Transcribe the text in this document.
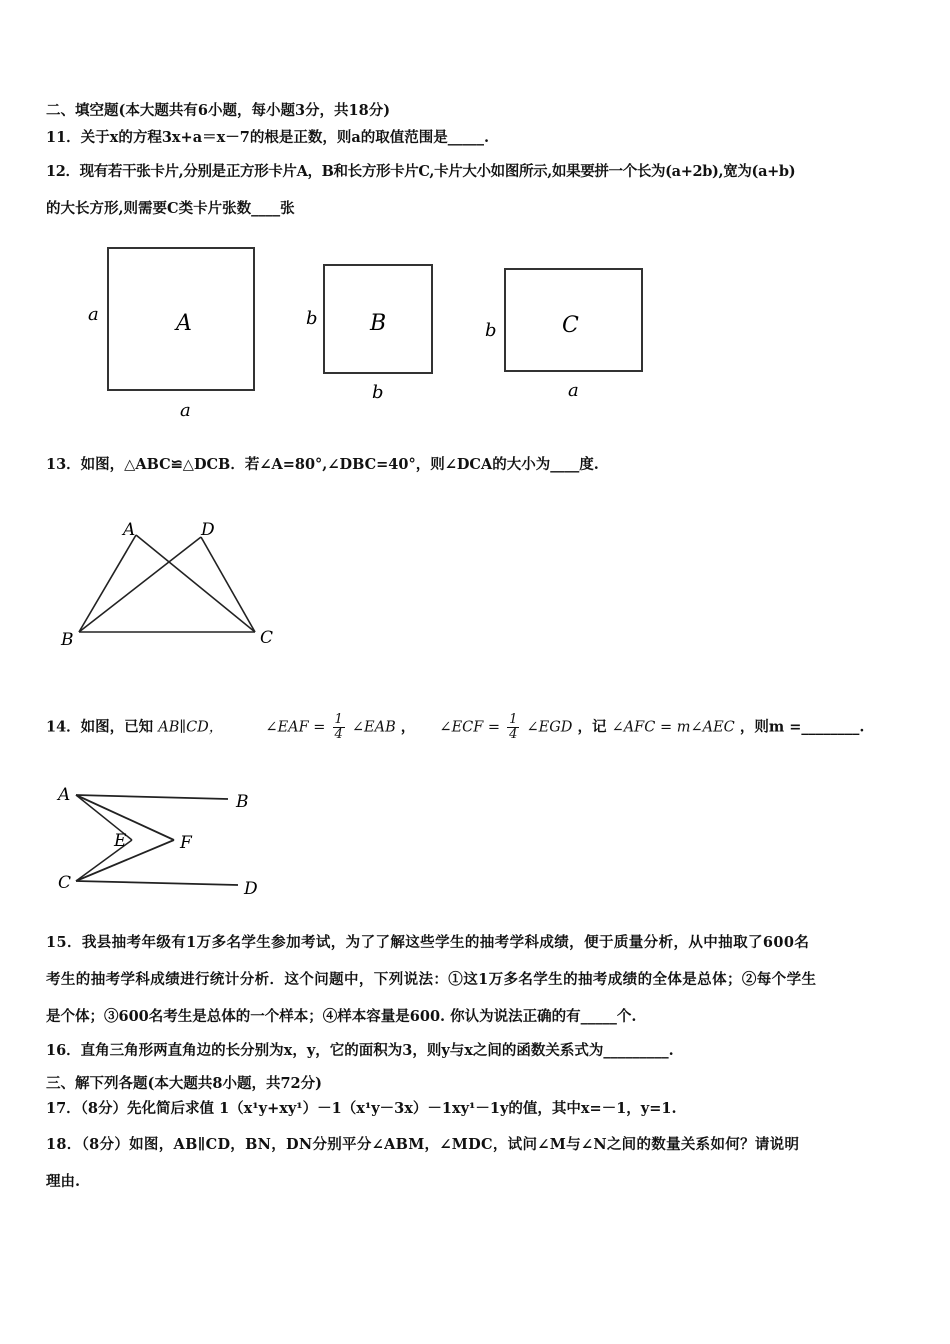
二、填空题(本大题共有6小题，每小题3分，共18分)
11．关于x的方程3x+a＝x－7的根是正数，则a的取值范围是_____.
12．现有若干张卡片,分别是正方形卡片A，B和长方形卡片C,卡片大小如图所示,如果要拼一个长为(a+2b),宽为(a+b)
的大长方形,则需要C类卡片张数____张
A
a
a
B
b
b
C
b
a
13．如图，△ABC≌△DCB．若∠A=80°,∠DBC=40°，则∠DCA的大小为____度.
A	D
B	C
14．如图，已知 AB∥CD，	∠EAF = $\frac{1}{4}$ ∠EAB ， ∠ECF = $\frac{1}{4}$ ∠EGD ，记 ∠AFC = m∠AEC ，则m =________.
A	B
E	F
C	D
15．我县抽考年级有1万多名学生参加考试，为了了解这些学生的抽考学科成绩，便于质量分析，从中抽取了600名
考生的抽考学科成绩进行统计分析．这个问题中，下列说法：①这1万多名学生的抽考成绩的全体是总体；②每个学生
是个体；③600名考生是总体的一个样本；④样本容量是600. 你认为说法正确的有_____个.
16．直角三角形两直角边的长分别为x，y，它的面积为3，则y与x之间的函数关系式为_________.
三、解下列各题(本大题共8小题，共72分)
17．（8分）先化简后求值 1（x¹y+xy¹）－1（x¹y－3x）－1xy¹－1y的值，其中x=－1，y=1.
18．（8分）如图，AB∥CD，BN，DN分别平分∠ABM，∠MDC，试问∠M与∠N之间的数量关系如何？请说明
理由.
